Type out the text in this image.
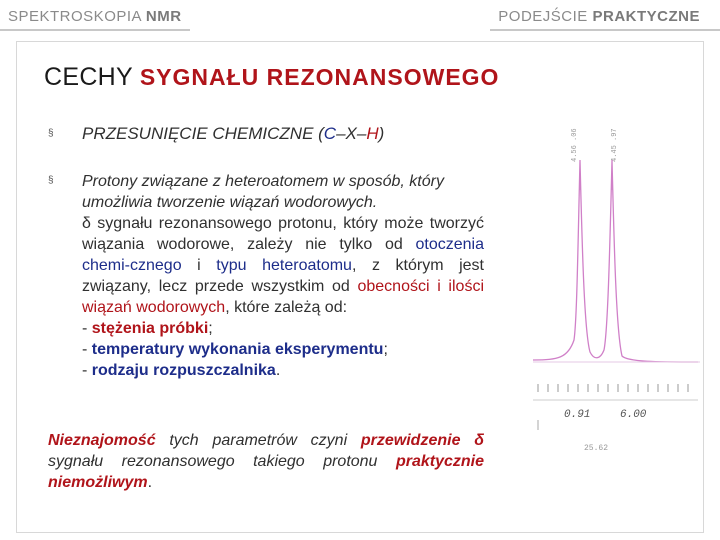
SPEKTROSKOPIA NMR	PODEJŚCIE PRAKTYCZNE
CECHY SYGNAŁU REZONANSOWEGO
§ PRZESUNIĘCIE CHEMICZNE (C–X–H)
§ Protony związane z heteroatomem w sposób, który
umożliwia tworzenie wiązań wodorowych.
δ sygnału rezonansowego protonu, który może tworzyć wiązania wodorowe, zależy nie tylko od otoczenia chemi-cznego i typu heteroatomu, z którym jest związany, lecz przede wszystkim od obecności i ilości wiązań wodorowych, które zależą od:
- stężenia próbki;
- temperatury wykonania eksperymentu;
- rodzaju rozpuszczalnika.
Nieznajomość tych parametrów czyni przewidzenie δ sygnału rezonansowego takiego protonu praktycznie niemożliwym.
4.56 .06	4.45 .97
0.91	6.00
25.62
